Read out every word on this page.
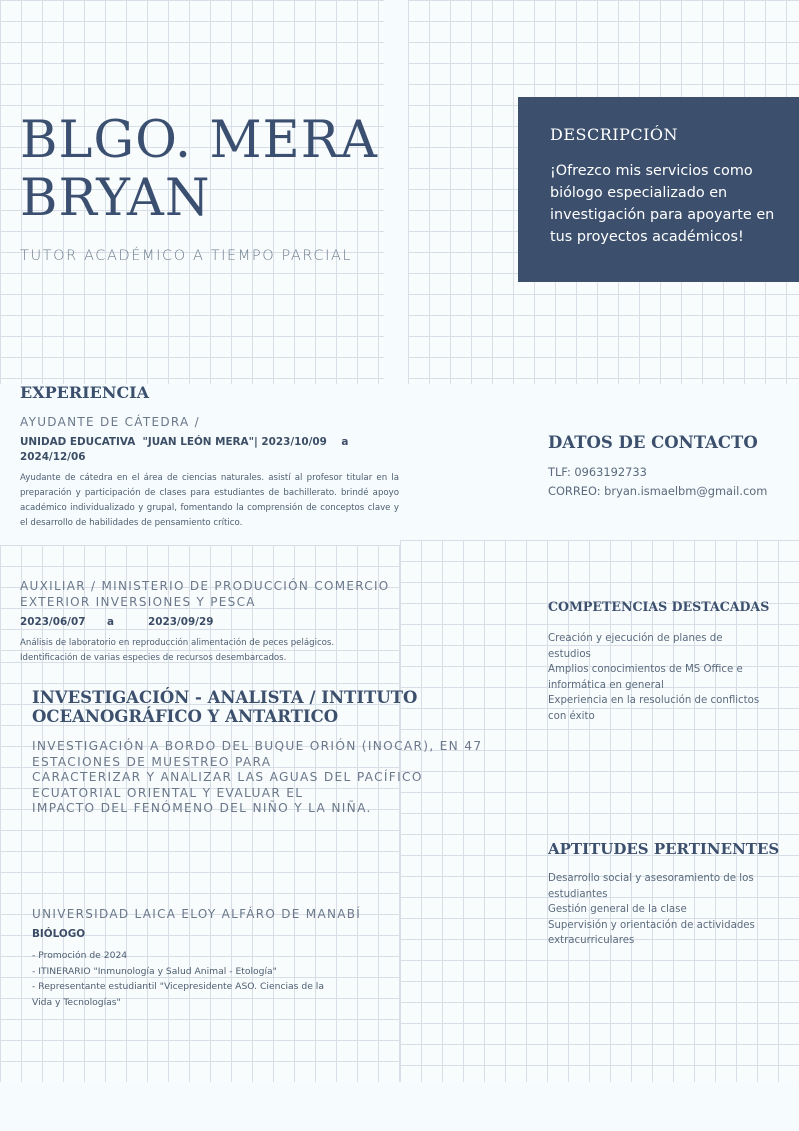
BLGO. MERA
BRYAN
TUTOR ACADÉMICO A TIEMPO PARCIAL
DESCRIPCIÓN
¡Ofrezco mis servicios como biólogo especializado en investigación para apoyarte en tus proyectos académicos!
EXPERIENCIA
AYUDANTE DE CÁTEDRA /
UNIDAD EDUCATIVA  "JUAN LEÓN MERA"| 2023/10/09    a
2024/12/06
Ayudante de cátedra en el área de ciencias naturales. asistí al profesor titular en la preparación y participación de clases para estudiantes de bachillerato. brindé apoyo académico individualizado y grupal, fomentando la comprensión de conceptos clave y el desarrollo de habilidades de pensamiento crítico.
AUXILIAR / MINISTERIO DE PRODUCCIÓN COMERCIO
EXTERIOR INVERSIONES Y PESCA
2023/06/07 a	2023/09/29
Análisis de laboratorio en reproducción alimentación de peces pelágicos.
Identificación de varias especies de recursos desembarcados.
INVESTIGACIÓN - ANALISTA / INTITUTO
OCEANOGRÁFICO Y ANTARTICO
INVESTIGACIÓN A BORDO DEL BUQUE ORIÓN (INOCAR), EN 47
ESTACIONES DE MUESTREO PARA
CARACTERIZAR Y ANALIZAR LAS AGUAS DEL PACÍFICO
ECUATORIAL ORIENTAL Y EVALUAR EL
IMPACTO DEL FENÓMENO DEL NIÑO Y LA NIÑA.
UNIVERSIDAD LAICA ELOY ALFÁRO DE MANABÍ
BIÓLOGO
- Promoción de 2024
- ITINERARIO "Inmunología y Salud Animal - Etología"
- Representante estudiantil "Vicepresidente ASO. Ciencias de la
Vida y Tecnologías"
DATOS DE CONTACTO
TLF: 0963192733
CORREO: bryan.ismaelbm@gmail.com
COMPETENCIAS DESTACADAS
Creación y ejecución de planes de
estudios
Amplios conocimientos de MS Office e
informática en general
Experiencia en la resolución de conflictos
con éxito
APTITUDES PERTINENTES
Desarrollo social y asesoramiento de los
estudiantes
Gestión general de la clase
Supervisión y orientación de actividades
extracurriculares
